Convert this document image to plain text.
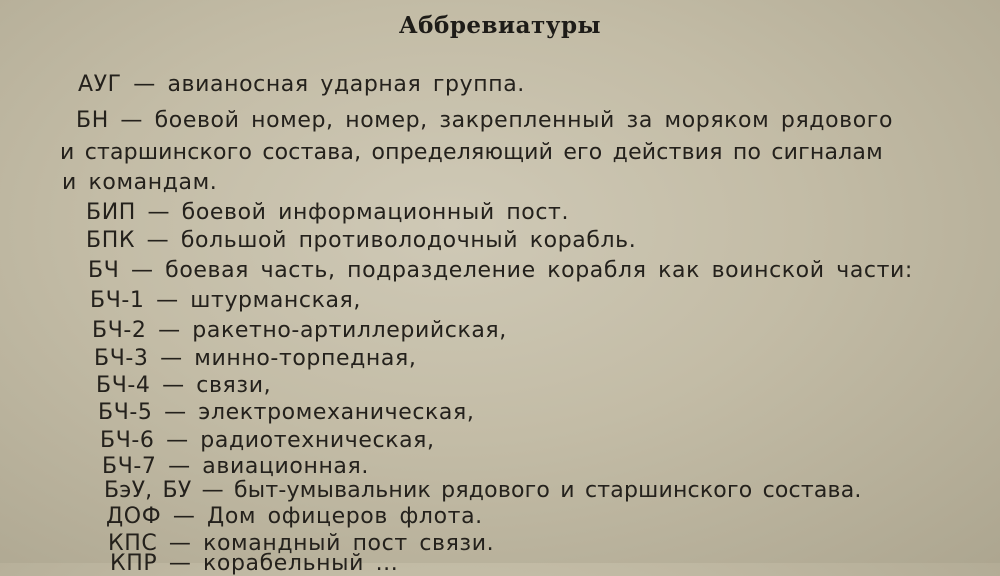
Аббревиатуры
АУГ — авианосная ударная группа.
БН — боевой номер, номер, закрепленный за моряком рядового
и старшинского состава, определяющий его действия по сигналам
и командам.
БИП — боевой информационный пост.
БПК — большой противолодочный корабль.
БЧ — боевая часть, подразделение корабля как воинской части:
БЧ-1 — штурманская,
БЧ-2 — ракетно-артиллерийская,
БЧ-3 — минно-торпедная,
БЧ-4 — связи,
БЧ-5 — электромеханическая,
БЧ-6 — радиотехническая,
БЧ-7 — авиационная.
БэУ, БУ — быт-умывальник рядового и старшинского состава.
ДОФ — Дом офицеров флота.
КПС — командный пост связи.
КПР — корабельный ...
